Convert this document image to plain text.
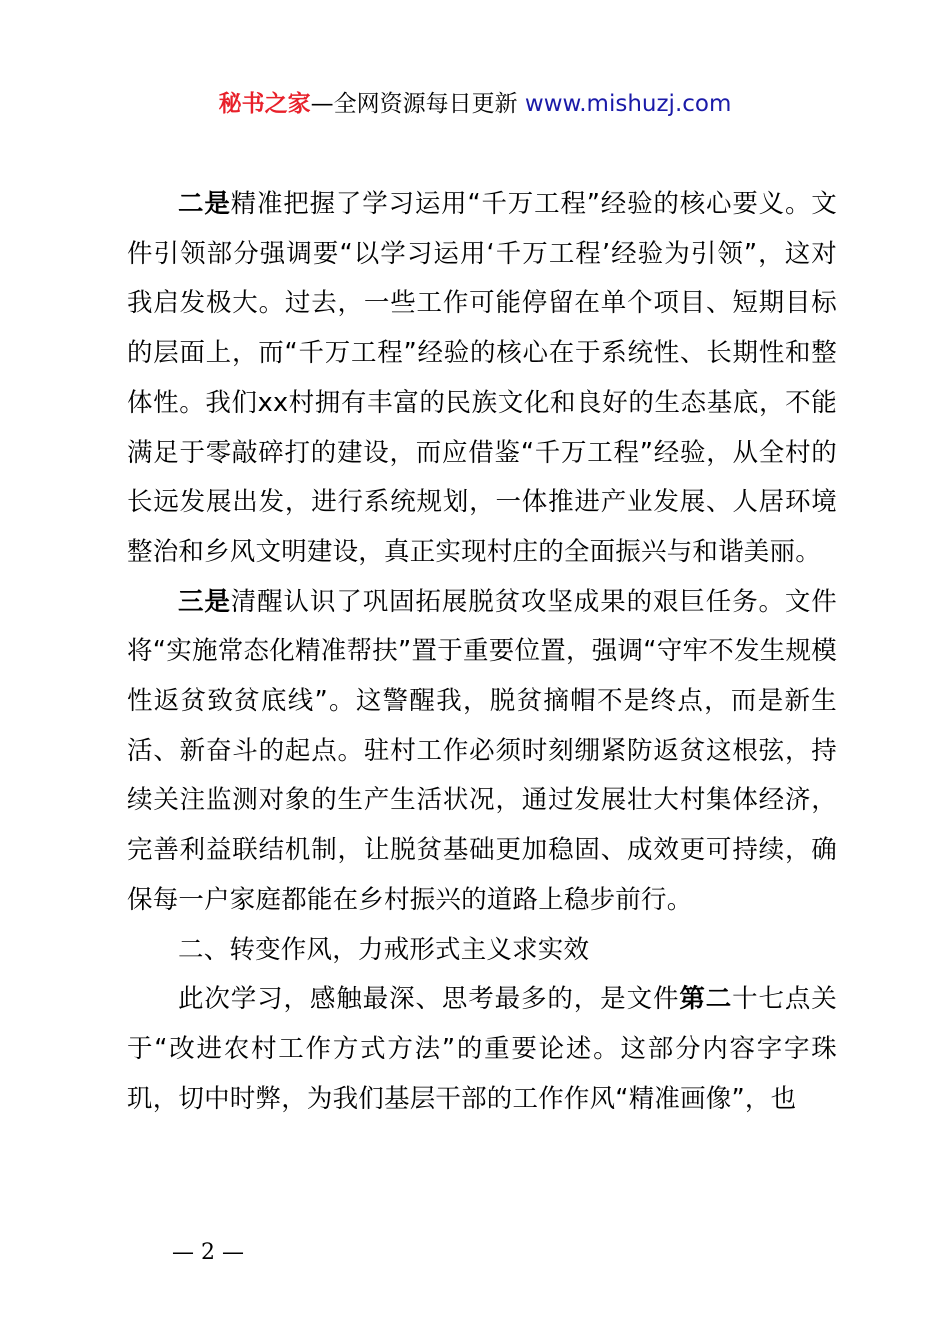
秘书之家—全网资源每日更新 www.mishuzj.com

二是精准把握了学习运用“千万工程”经验的核心要义。文件引领部分强调要“以学习运用‘千万工程’经验为引领”，这对我启发极大。过去，一些工作可能停留在单个项目、短期目标的层面上，而“千万工程”经验的核心在于系统性、长期性和整体性。我们xx村拥有丰富的民族文化和良好的生态基底，不能满足于零敲碎打的建设，而应借鉴“千万工程”经验，从全村的长远发展出发，进行系统规划，一体推进产业发展、人居环境整治和乡风文明建设，真正实现村庄的全面振兴与和谐美丽。

三是清醒认识了巩固拓展脱贫攻坚成果的艰巨任务。文件将“实施常态化精准帮扶”置于重要位置，强调“守牢不发生规模性返贫致贫底线”。这警醒我，脱贫摘帽不是终点，而是新生活、新奋斗的起点。驻村工作必须时刻绷紧防返贫这根弦，持续关注监测对象的生产生活状况，通过发展壮大村集体经济，完善利益联结机制，让脱贫基础更加稳固、成效更可持续，确保每一户家庭都能在乡村振兴的道路上稳步前行。

二、转变作风，力戒形式主义求实效

此次学习，感触最深、思考最多的，是文件第二十七点关于“改进农村工作方式方法”的重要论述。这部分内容字字珠玑，切中时弊，为我们基层干部的工作作风“精准画像”，也

— 2 —
